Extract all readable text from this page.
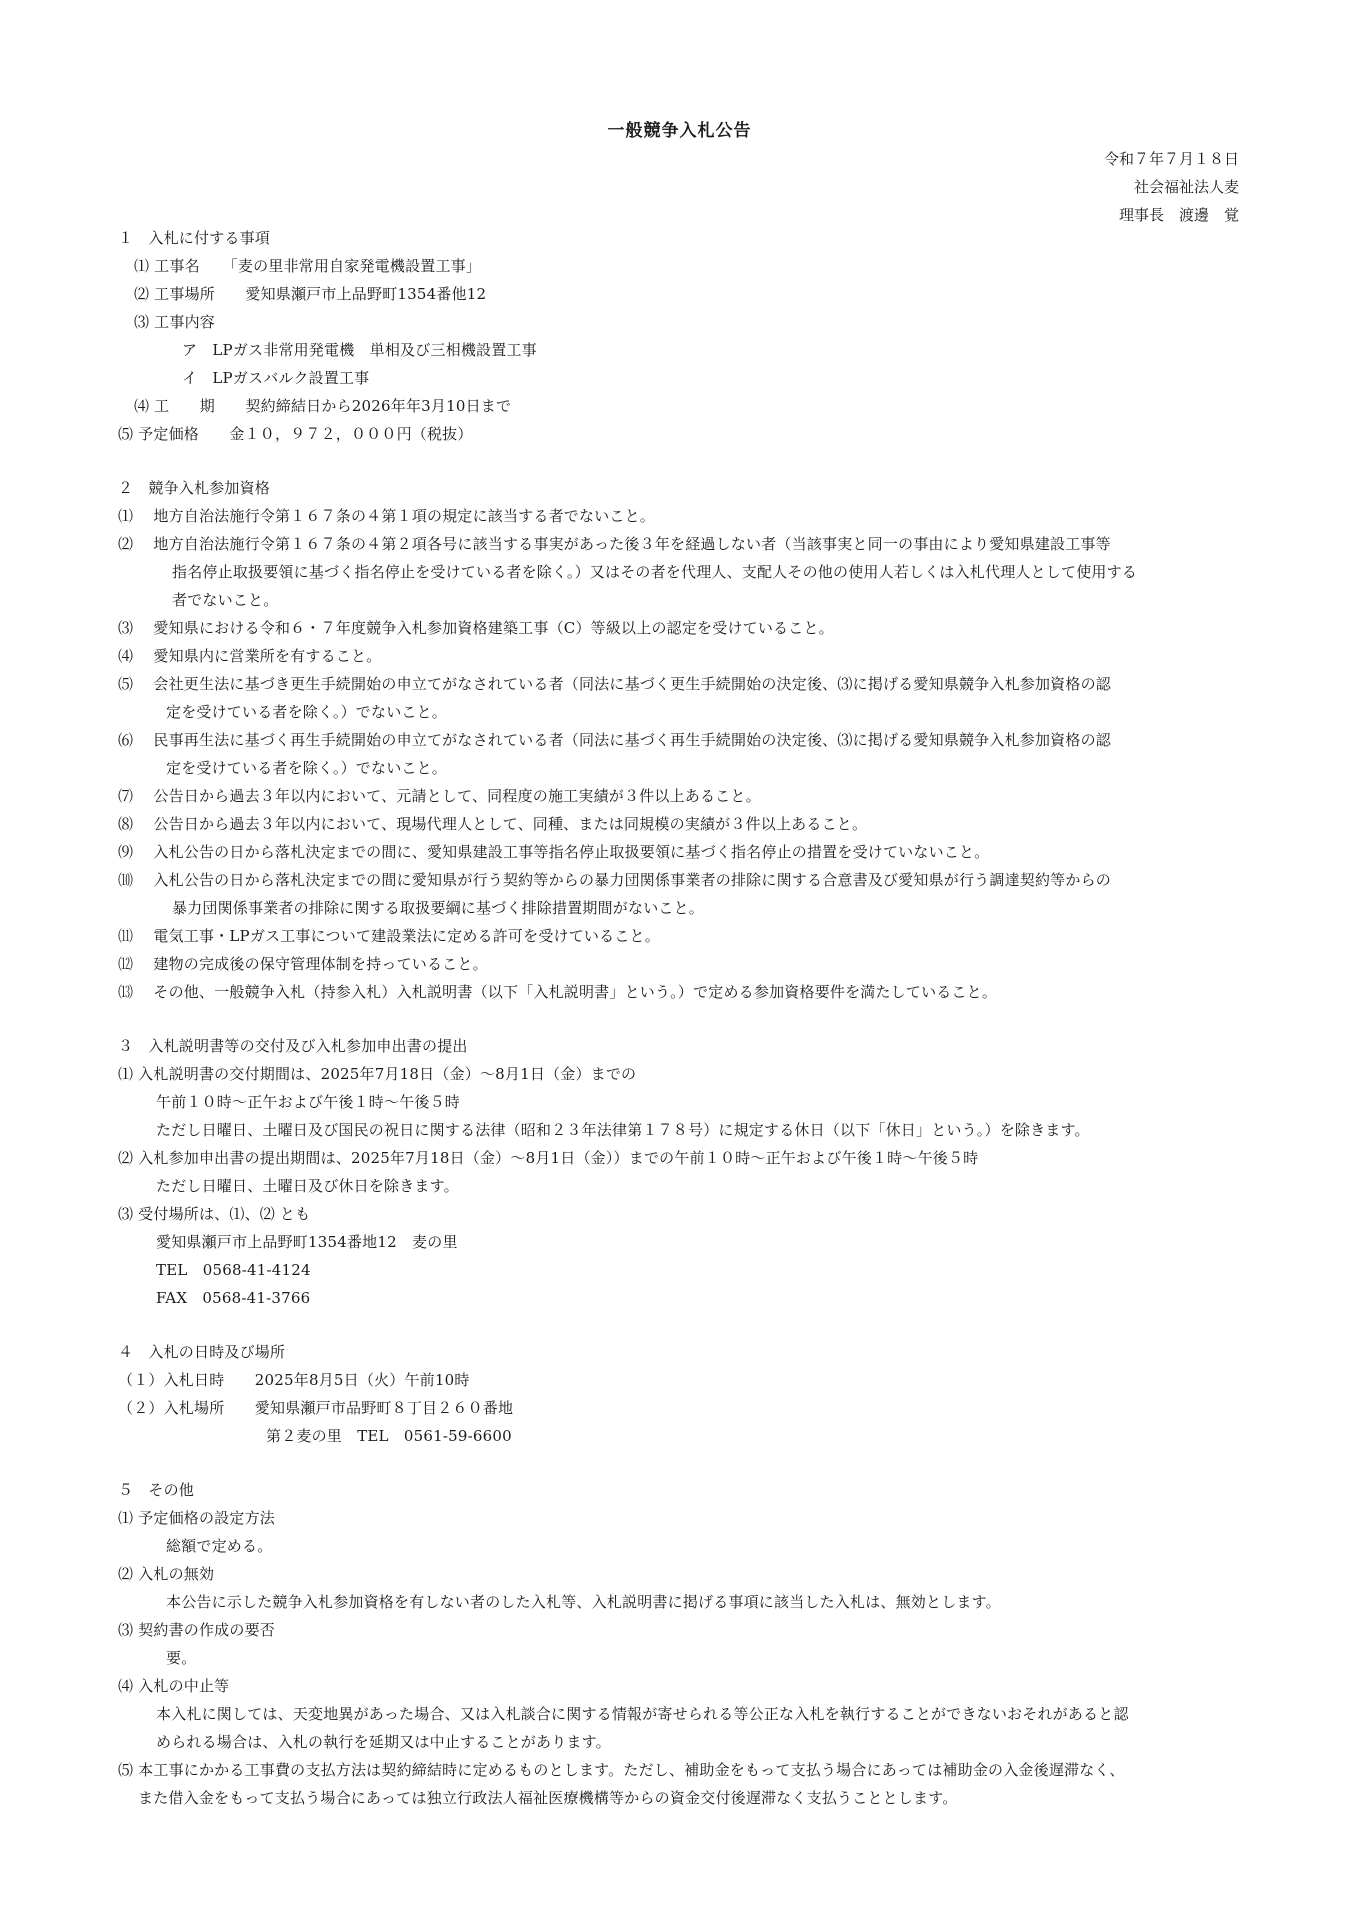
一般競争入札公告
令和７年７月１８日
社会福祉法人麦
理事長　渡邊　覚
１　入札に付する事項
⑴ 工事名　　「麦の里非常用自家発電機設置工事」
⑵ 工事場所　　愛知県瀬戸市上品野町1354番他12
⑶ 工事内容
ア　LPガス非常用発電機　単相及び三相機設置工事
イ　LPガスバルク設置工事
⑷ 工　　期　　契約締結日から2026年年3月10日まで
⑸ 予定価格　　金１０，９７２，０００円（税抜）
２　競争入札参加資格
⑴　 地方自治法施行令第１６７条の４第１項の規定に該当する者でないこと。
⑵　 地方自治法施行令第１６７条の４第２項各号に該当する事実があった後３年を経過しない者（当該事実と同一の事由により愛知県建設工事等
指名停止取扱要領に基づく指名停止を受けている者を除く。）又はその者を代理人、支配人その他の使用人若しくは入札代理人として使用する
者でないこと。
⑶　 愛知県における令和６・７年度競争入札参加資格建築工事（C）等級以上の認定を受けていること。
⑷　 愛知県内に営業所を有すること。
⑸　 会社更生法に基づき更生手続開始の申立てがなされている者（同法に基づく更生手続開始の決定後、⑶に掲げる愛知県競争入札参加資格の認
定を受けている者を除く。）でないこと。
⑹　 民事再生法に基づく再生手続開始の申立てがなされている者（同法に基づく再生手続開始の決定後、⑶に掲げる愛知県競争入札参加資格の認
定を受けている者を除く。）でないこと。
⑺　 公告日から過去３年以内において、元請として、同程度の施工実績が３件以上あること。
⑻　 公告日から過去３年以内において、現場代理人として、同種、または同規模の実績が３件以上あること。
⑼　 入札公告の日から落札決定までの間に、愛知県建設工事等指名停止取扱要領に基づく指名停止の措置を受けていないこと。
⑽　 入札公告の日から落札決定までの間に愛知県が行う契約等からの暴力団関係事業者の排除に関する合意書及び愛知県が行う調達契約等からの
暴力団関係事業者の排除に関する取扱要綱に基づく排除措置期間がないこと。
⑾　 電気工事・LPガス工事について建設業法に定める許可を受けていること。
⑿　 建物の完成後の保守管理体制を持っていること。
⒀　 その他、一般競争入札（持参入札）入札説明書（以下「入札説明書」という。）で定める参加資格要件を満たしていること。
３　入札説明書等の交付及び入札参加申出書の提出
⑴ 入札説明書の交付期間は、2025年7月18日（金）～8月1日（金）までの
午前１０時～正午および午後１時～午後５時
ただし日曜日、土曜日及び国民の祝日に関する法律（昭和２３年法律第１７８号）に規定する休日（以下「休日」という。）を除きます。
⑵ 入札参加申出書の提出期間は、2025年7月18日（金）～8月1日（金））までの午前１０時～正午および午後１時～午後５時
ただし日曜日、土曜日及び休日を除きます。
⑶ 受付場所は、⑴、⑵ とも
愛知県瀬戸市上品野町1354番地12　麦の里
TEL　0568-41-4124
FAX　0568-41-3766
４　入札の日時及び場所
（１）入札日時　　2025年8月5日（火）午前10時
（２）入札場所　　愛知県瀬戸市品野町８丁目２６０番地
第２麦の里　TEL　0561-59-6600
５　その他
⑴ 予定価格の設定方法
総額で定める。
⑵ 入札の無効
本公告に示した競争入札参加資格を有しない者のした入札等、入札説明書に掲げる事項に該当した入札は、無効とします。
⑶ 契約書の作成の要否
要。
⑷ 入札の中止等
本入札に関しては、天変地異があった場合、又は入札談合に関する情報が寄せられる等公正な入札を執行することができないおそれがあると認
められる場合は、入札の執行を延期又は中止することがあります。
⑸ 本工事にかかる工事費の支払方法は契約締結時に定めるものとします。ただし、補助金をもって支払う場合にあっては補助金の入金後遅滞なく、
また借入金をもって支払う場合にあっては独立行政法人福祉医療機構等からの資金交付後遅滞なく支払うこととします。
